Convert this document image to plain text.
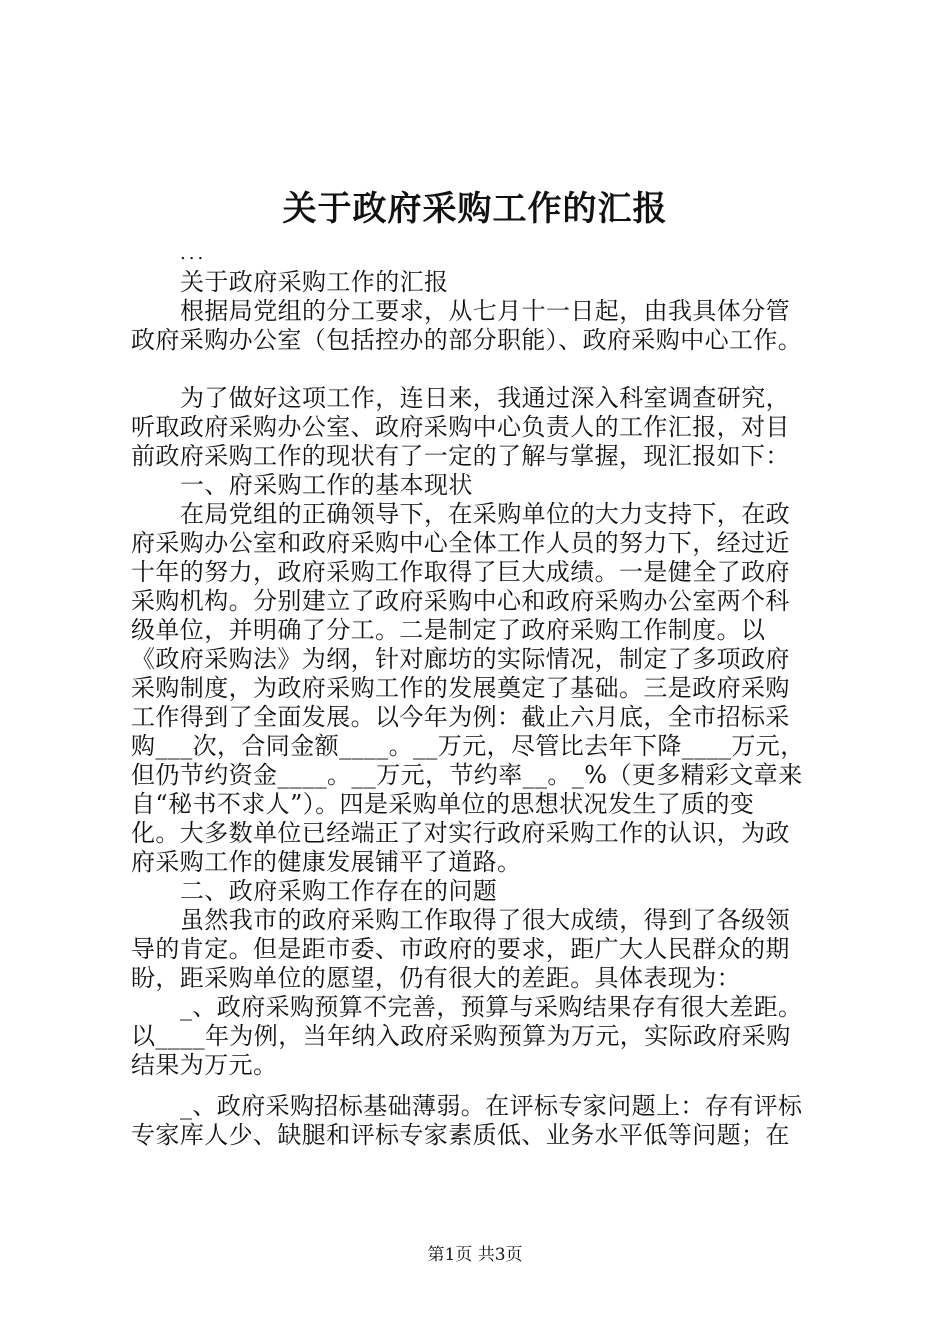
关于政府采购工作的汇报
...
关于政府采购工作的汇报
根据局党组的分工要求，从七月十一日起，由我具体分管
政府采购办公室（包括控办的部分职能）、政府采购中心工作。
为了做好这项工作，连日来，我通过深入科室调查研究，
听取政府采购办公室、政府采购中心负责人的工作汇报，对目
前政府采购工作的现状有了一定的了解与掌握，现汇报如下：
一、府采购工作的基本现状
在局党组的正确领导下，在采购单位的大力支持下，在政
府采购办公室和政府采购中心全体工作人员的努力下，经过近
十年的努力，政府采购工作取得了巨大成绩。一是健全了政府
采购机构。分别建立了政府采购中心和政府采购办公室两个科
级单位，并明确了分工。二是制定了政府采购工作制度。以
《政府采购法》为纲，针对廊坊的实际情况，制定了多项政府
采购制度，为政府采购工作的发展奠定了基础。三是政府采购
工作得到了全面发展。以今年为例：截止六月底，全市招标采
购___次，合同金额____。__万元，尽管比去年下降____万元，
但仍节约资金____。__万元，节约率__。_%（更多精彩文章来
自“秘书不求人”）。四是采购单位的思想状况发生了质的变
化。大多数单位已经端正了对实行政府采购工作的认识，为政
府采购工作的健康发展铺平了道路。
二、政府采购工作存在的问题
虽然我市的政府采购工作取得了很大成绩，得到了各级领
导的肯定。但是距市委、市政府的要求，距广大人民群众的期
盼，距采购单位的愿望，仍有很大的差距。具体表现为：
_、政府采购预算不完善，预算与采购结果存有很大差距。
以____年为例，当年纳入政府采购预算为万元，实际政府采购
结果为万元。
_、政府采购招标基础薄弱。在评标专家问题上：存有评标
专家库人少、缺腿和评标专家素质低、业务水平低等问题；在
第1页 共3页
